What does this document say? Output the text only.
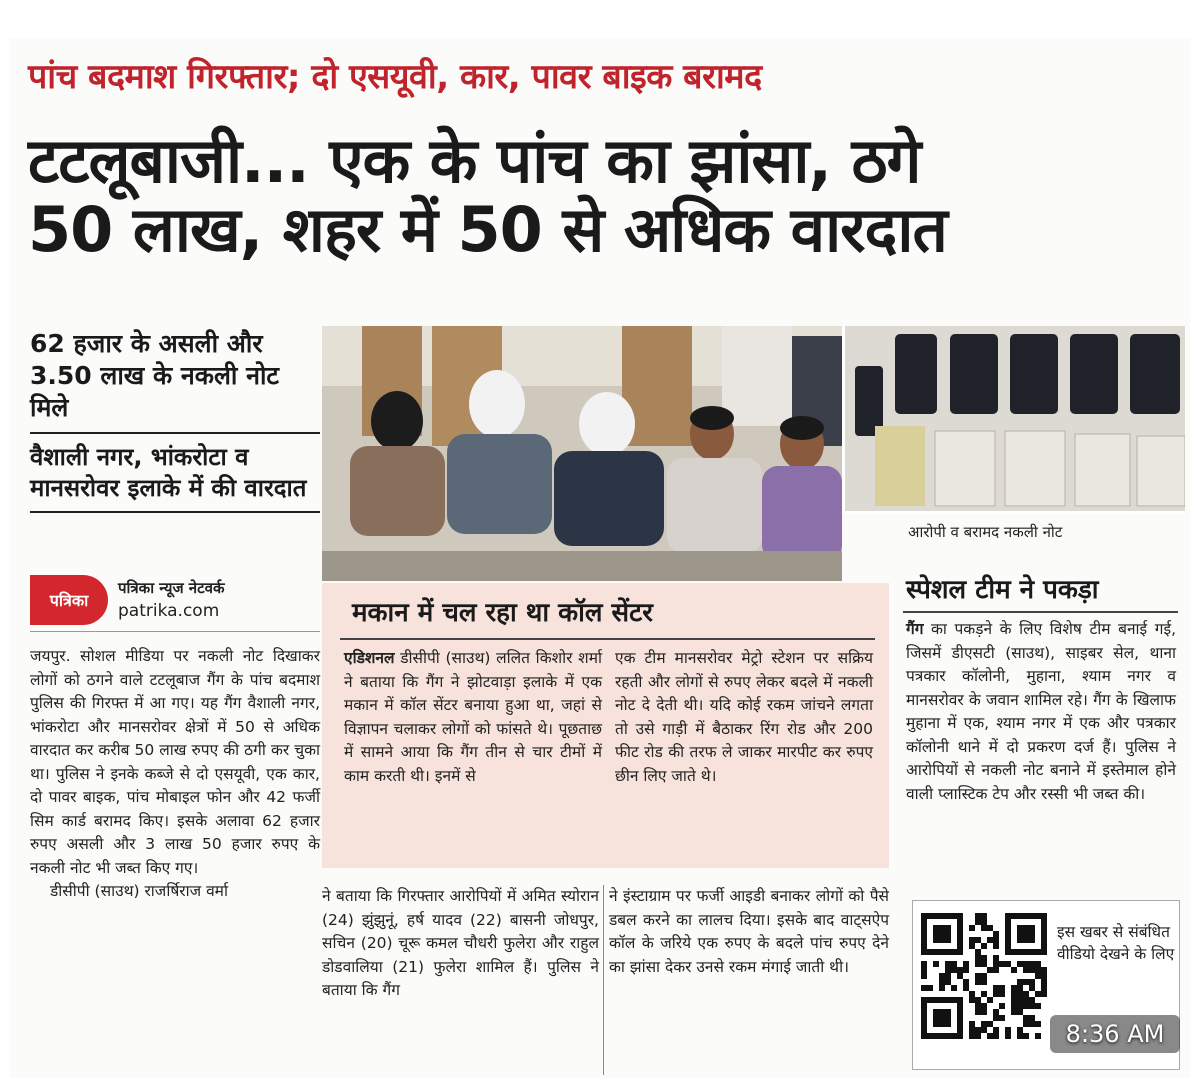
पांच बदमाश गिरफ्तार; दो एसयूवी, कार, पावर बाइक बरामद
टटलूबाजी... एक के पांच का झांसा, ठगे
50 लाख, शहर में 50 से अधिक वारदात
62 हजार के असली और 3.50 लाख के नकली नोट मिले
वैशाली नगर, भांकरोटा व मानसरोवर इलाके में की वारदात
पत्रिका
पत्रिका न्यूज नेटवर्क
patrika.com

जयपुर. सोशल मीडिया पर नकली नोट दिखाकर लोगों को ठगने वाले टटलूबाज गैंग के पांच बदमाश पुलिस की गिरफ्त में आ गए। यह गैंग वैशाली नगर, भांकरोटा और मानसरोवर क्षेत्रों में 50 से अधिक वारदात कर करीब 50 लाख रुपए की ठगी कर चुका था। पुलिस ने इनके कब्जे से दो एसयूवी, एक कार, दो पावर बाइक, पांच मोबाइल फोन और 42 फर्जी सिम कार्ड बरामद किए। इसके अलावा 62 हजार रुपए असली और 3 लाख 50 हजार रुपए के नकली नोट भी जब्त किए गए।

डीसीपी (साउथ) राजर्षिराज वर्मा

आरोपी व बरामद नकली नोट
मकान में चल रहा था कॉल सेंटर
एडिशनल डीसीपी (साउथ) ललित किशोर शर्मा ने बताया कि गैंग ने झोटवाड़ा इलाके में एक मकान में कॉल सेंटर बनाया हुआ था, जहां से विज्ञापन चलाकर लोगों को फांसते थे। पूछताछ में सामने आया कि गैंग तीन से चार टीमों में काम करती थी। इनमें से
एक टीम मानसरोवर मेट्रो स्टेशन पर सक्रिय रहती और लोगों से रुपए लेकर बदले में नकली नोट दे देती थी। यदि कोई रकम जांचने लगता तो उसे गाड़ी में बैठाकर रिंग रोड और 200 फीट रोड की तरफ ले जाकर मारपीट कर रुपए छीन लिए जाते थे।
स्पेशल टीम ने पकड़ा
गैंग का पकड़ने के लिए विशेष टीम बनाई गई, जिसमें डीएसटी (साउथ), साइबर सेल, थाना पत्रकार कॉलोनी, मुहाना, श्याम नगर व मानसरोवर के जवान शामिल रहे। गैंग के खिलाफ मुहाना में एक, श्याम नगर में एक और पत्रकार कॉलोनी थाने में दो प्रकरण दर्ज हैं। पुलिस ने आरोपियों से नकली नोट बनाने में इस्तेमाल होने वाली प्लास्टिक टेप और रस्सी भी जब्त की।
ने बताया कि गिरफ्तार आरोपियों में अमित स्योरान (24) झुंझुनूं, हर्ष यादव (22) बासनी जोधपुर, सचिन (20) चूरू कमल चौधरी फुलेरा और राहुल डोडवालिया (21) फुलेरा शामिल हैं। पुलिस ने बताया कि गैंग
ने इंस्टाग्राम पर फर्जी आइडी बनाकर लोगों को पैसे डबल करने का लालच दिया। इसके बाद वाट्सऐप कॉल के जरिये एक रुपए के बदले पांच रुपए देने का झांसा देकर उनसे रकम मंगाई जाती थी।
इस खबर से संबंधित वीडियो देखने के लिए
8:36 AM
